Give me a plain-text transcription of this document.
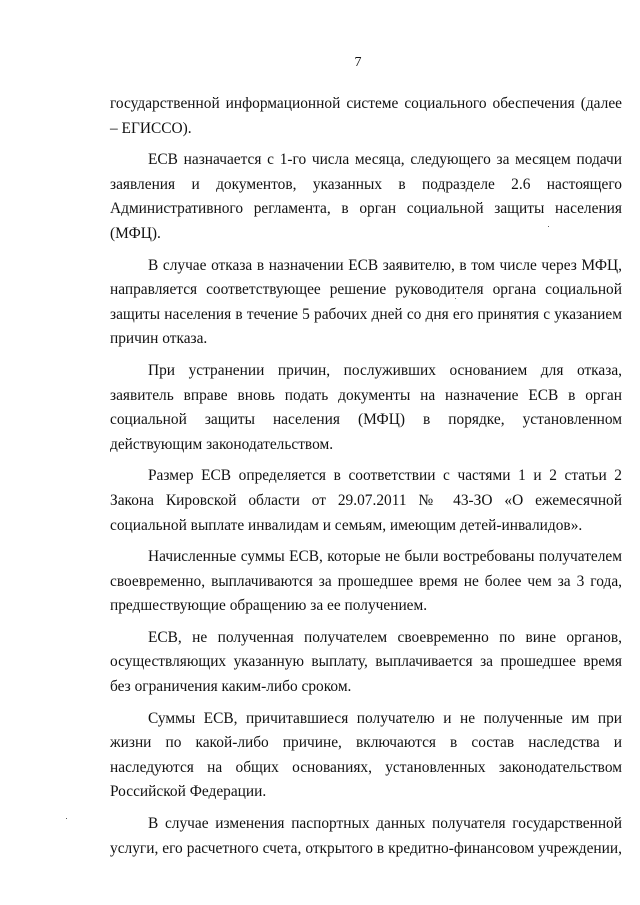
7

государственной информационной системе социального обеспечения (далее – ЕГИССО).

ЕСВ назначается с 1-го числа месяца, следующего за месяцем подачи заявления и документов, указанных в подразделе 2.6 настоящего Административного регламента, в орган социальной защиты населения (МФЦ).

В случае отказа в назначении ЕСВ заявителю, в том числе через МФЦ, направляется соответствующее решение руководителя органа социальной защиты населения в течение 5 рабочих дней со дня его принятия с указанием причин отказа.

При устранении причин, послуживших основанием для отказа, заявитель вправе вновь подать документы на назначение ЕСВ в орган социальной защиты населения (МФЦ) в порядке, установленном действующим законодательством.

Размер ЕСВ определяется в соответствии с частями 1 и 2 статьи 2 Закона Кировской области от 29.07.2011 № 43-ЗО «О ежемесячной социальной выплате инвалидам и семьям, имеющим детей-инвалидов».

Начисленные суммы ЕСВ, которые не были востребованы получателем своевременно, выплачиваются за прошедшее время не более чем за 3 года, предшествующие обращению за ее получением.

ЕСВ, не полученная получателем своевременно по вине органов, осуществляющих указанную выплату, выплачивается за прошедшее время без ограничения каким-либо сроком.

Суммы ЕСВ, причитавшиеся получателю и не полученные им при жизни по какой-либо причине, включаются в состав наследства и наследуются на общих основаниях, установленных законодательством Российской Федерации.

В случае изменения паспортных данных получателя государственной услуги, его расчетного счета, открытого в кредитно-финансовом учреждении,
